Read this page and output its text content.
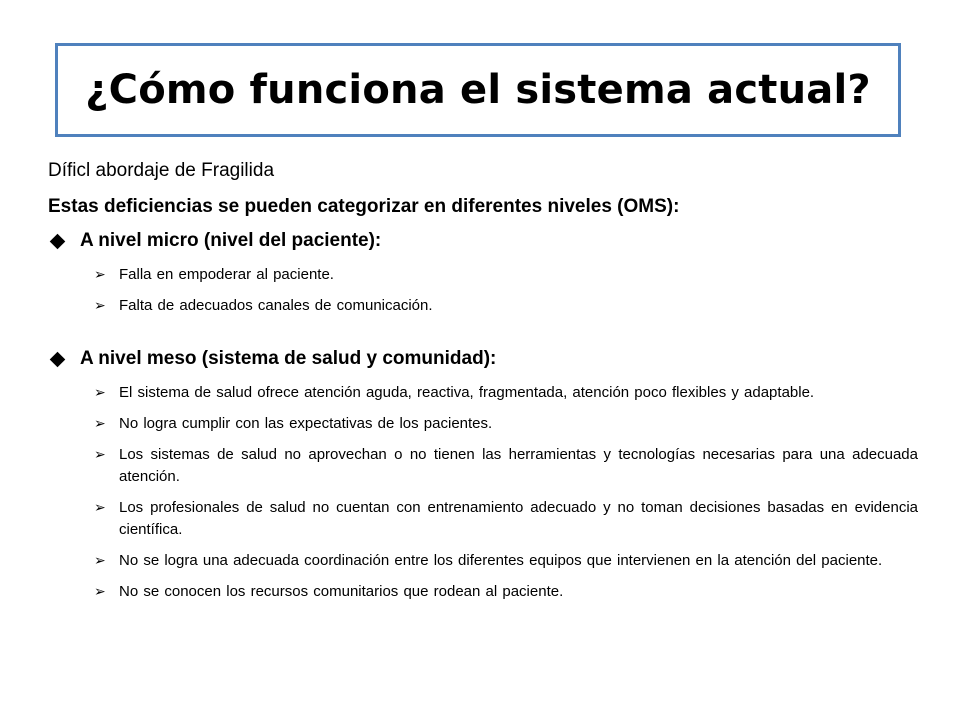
¿Cómo funciona el sistema actual?
Díficl abordaje de Fragilida
Estas deficiencias se pueden categorizar en diferentes niveles (OMS):
A nivel micro (nivel del paciente):
➢ Falla en empoderar al paciente.
➢ Falta de adecuados canales de comunicación.
A nivel meso (sistema de salud y comunidad):
➢ El sistema de salud ofrece atención aguda, reactiva, fragmentada, atención poco flexibles y adaptable.
➢ No logra cumplir con las expectativas de los pacientes.
➢ Los sistemas de salud no aprovechan o no tienen las herramientas y tecnologías necesarias para una adecuada atención.
➢ Los profesionales de salud no cuentan con entrenamiento adecuado y no toman decisiones basadas en evidencia científica.
➢ No se logra una adecuada coordinación entre los diferentes equipos que intervienen en la atención del paciente.
➢ No se conocen los recursos comunitarios que rodean al paciente.
